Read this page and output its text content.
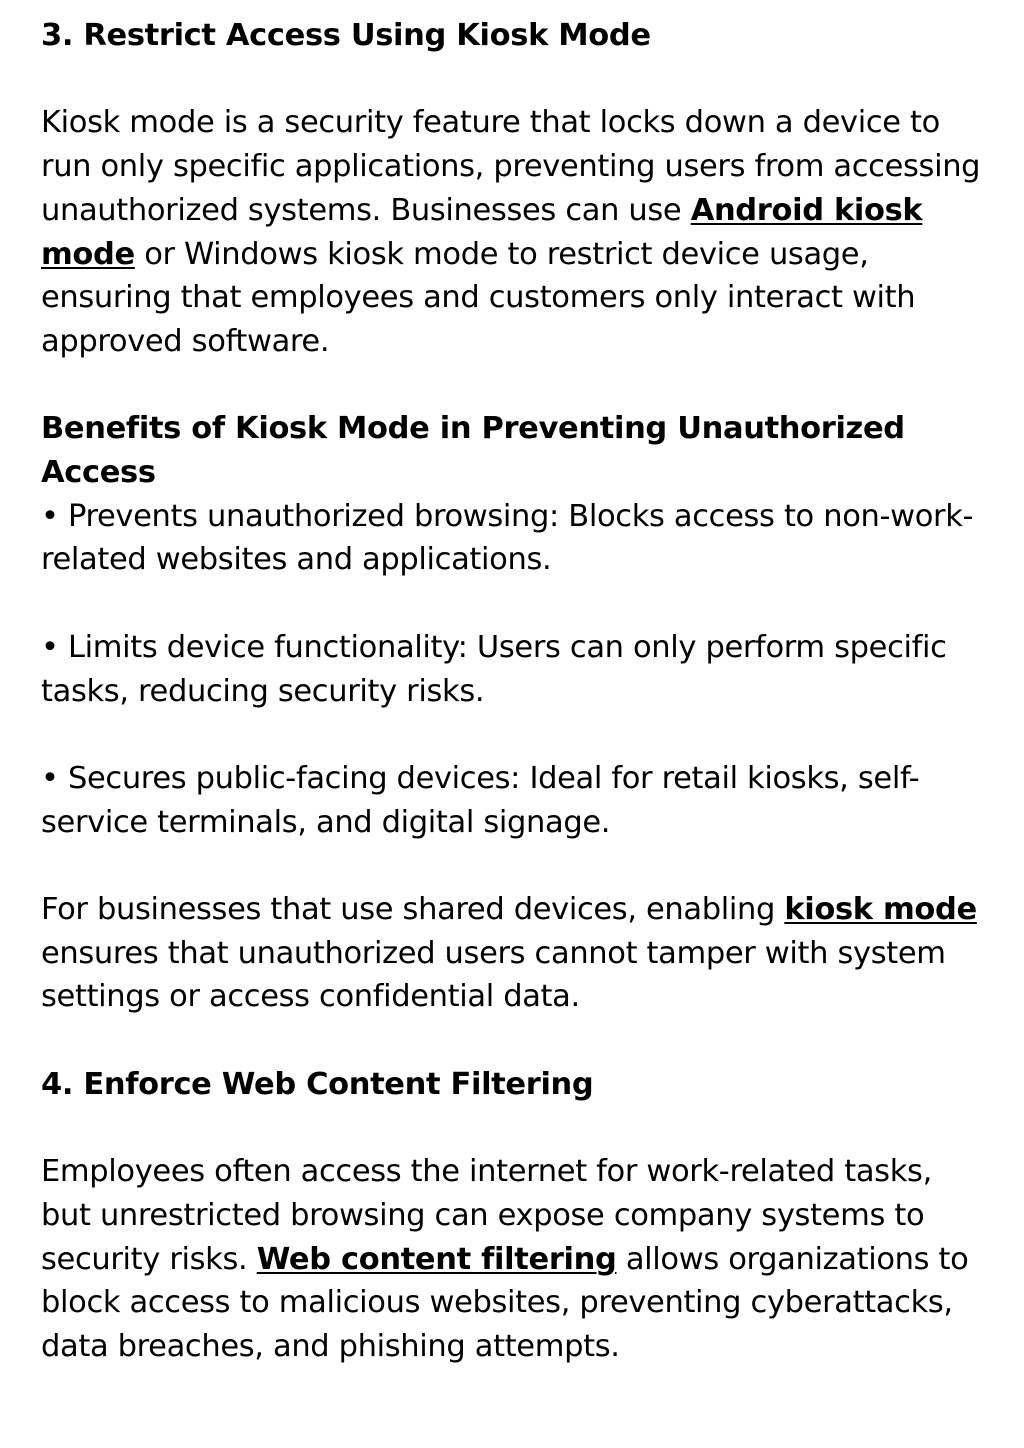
3. Restrict Access Using Kiosk Mode
Kiosk mode is a security feature that locks down a device to run only specific applications, preventing users from accessing unauthorized systems. Businesses can use Android kiosk mode or Windows kiosk mode to restrict device usage, ensuring that employees and customers only interact with approved software.
Benefits of Kiosk Mode in Preventing Unauthorized Access
• Prevents unauthorized browsing: Blocks access to non-work-related websites and applications.
• Limits device functionality: Users can only perform specific tasks, reducing security risks.
• Secures public-facing devices: Ideal for retail kiosks, self-service terminals, and digital signage.
For businesses that use shared devices, enabling kiosk mode ensures that unauthorized users cannot tamper with system settings or access confidential data.
4. Enforce Web Content Filtering
Employees often access the internet for work-related tasks, but unrestricted browsing can expose company systems to security risks. Web content filtering allows organizations to block access to malicious websites, preventing cyberattacks, data breaches, and phishing attempts.
